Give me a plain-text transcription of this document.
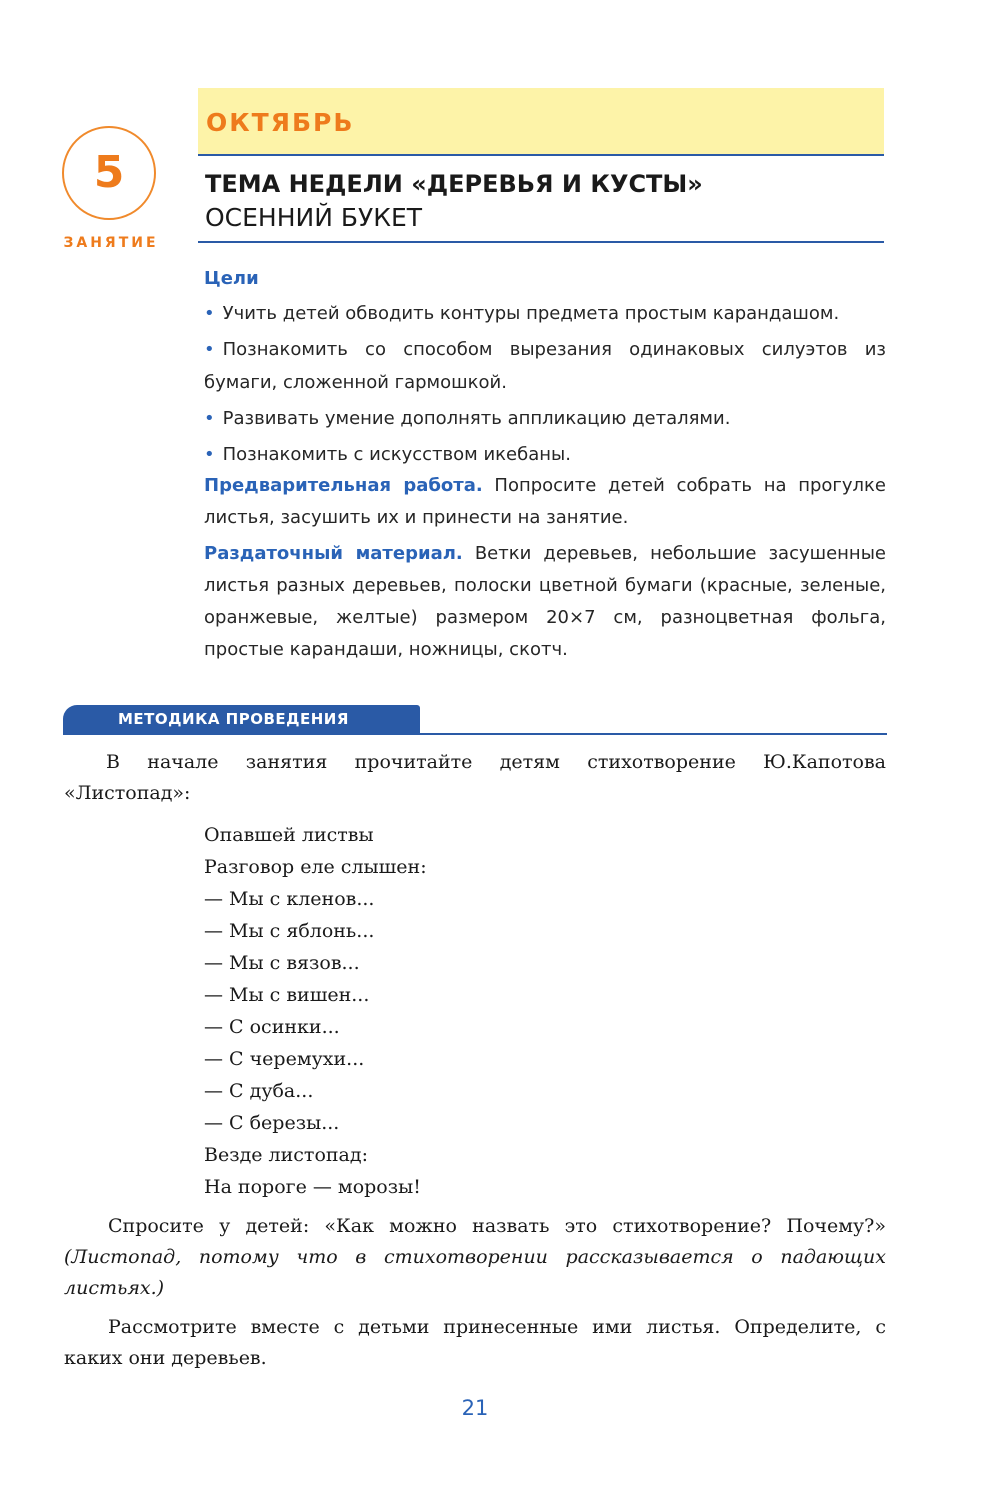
ОКТЯБРЬ
5
ЗАНЯТИЕ
ТЕМА НЕДЕЛИ «ДЕРЕВЬЯ И КУСТЫ»
ОСЕННИЙ БУКЕТ
Цели
• Учить детей обводить контуры предмета простым карандашом.
• Познакомить со способом вырезания одинаковых силуэтов из бумаги, сложенной гармошкой.
• Развивать умение дополнять аппликацию деталями.
• Познакомить с искусством икебаны.

Предварительная работа. Попросите детей собрать на прогулке листья, засушить их и принести на занятие.

Раздаточный материал. Ветки деревьев, небольшие засушенные листья разных деревьев, полоски цветной бумаги (красные, зеленые, оранжевые, желтые) размером 20×7 см, разноцветная фольга, простые карандаши, ножницы, скотч.

МЕТОДИКА ПРОВЕДЕНИЯ

В начале занятия прочитайте детям стихотворение Ю.Капотова «Листопад»:

Опавшей листвы
Разговор еле слышен:
— Мы с кленов...
— Мы с яблонь...
— Мы с вязов...
— Мы с вишен...
— С осинки...
— С черемухи...
— С дуба...
— С березы...
Везде листопад:
На пороге — морозы!

Спросите у детей: «Как можно назвать это стихотворение? Почему?» (Листопад, потому что в стихотворении рассказывается о падающих листьях.)

Рассмотрите вместе с детьми принесенные ими листья. Определите, с каких они деревьев.

21
